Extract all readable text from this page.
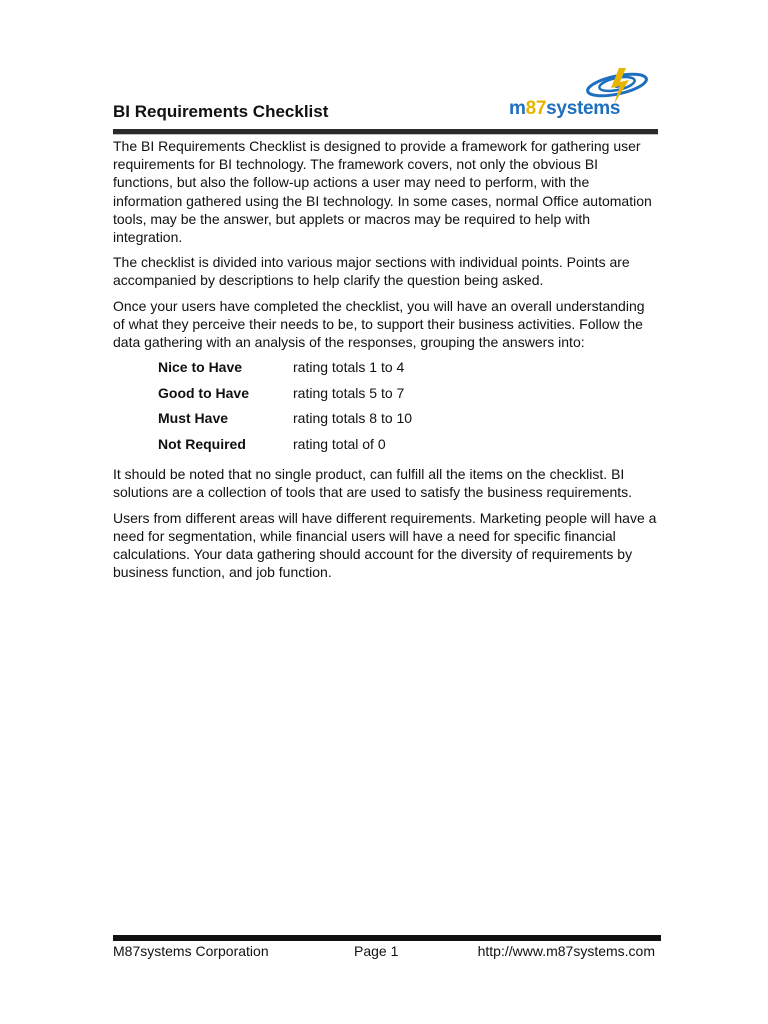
BI Requirements Checklist	m87systems

The BI Requirements Checklist is designed to provide a framework for gathering user requirements for BI technology. The framework covers, not only the obvious BI functions, but also the follow-up actions a user may need to perform, with the information gathered using the BI technology. In some cases, normal Office automation tools, may be the answer, but applets or macros may be required to help with integration.

The checklist is divided into various major sections with individual points. Points are accompanied by descriptions to help clarify the question being asked.

Once your users have completed the checklist, you will have an overall understanding of what they perceive their needs to be, to support their business activities. Follow the data gathering with an analysis of the responses, grouping the answers into:

Nice to Have	rating totals 1 to 4
Good to Have	rating totals 5 to 7
Must Have	rating totals 8 to 10
Not Required	rating total of 0

It should be noted that no single product, can fulfill all the items on the checklist. BI solutions are a collection of tools that are used to satisfy the business requirements.

Users from different areas will have different requirements. Marketing people will have a need for segmentation, while financial users will have a need for specific financial calculations. Your data gathering should account for the diversity of requirements by business function, and job function.

M87systems Corporation	Page 1	http://www.m87systems.com
